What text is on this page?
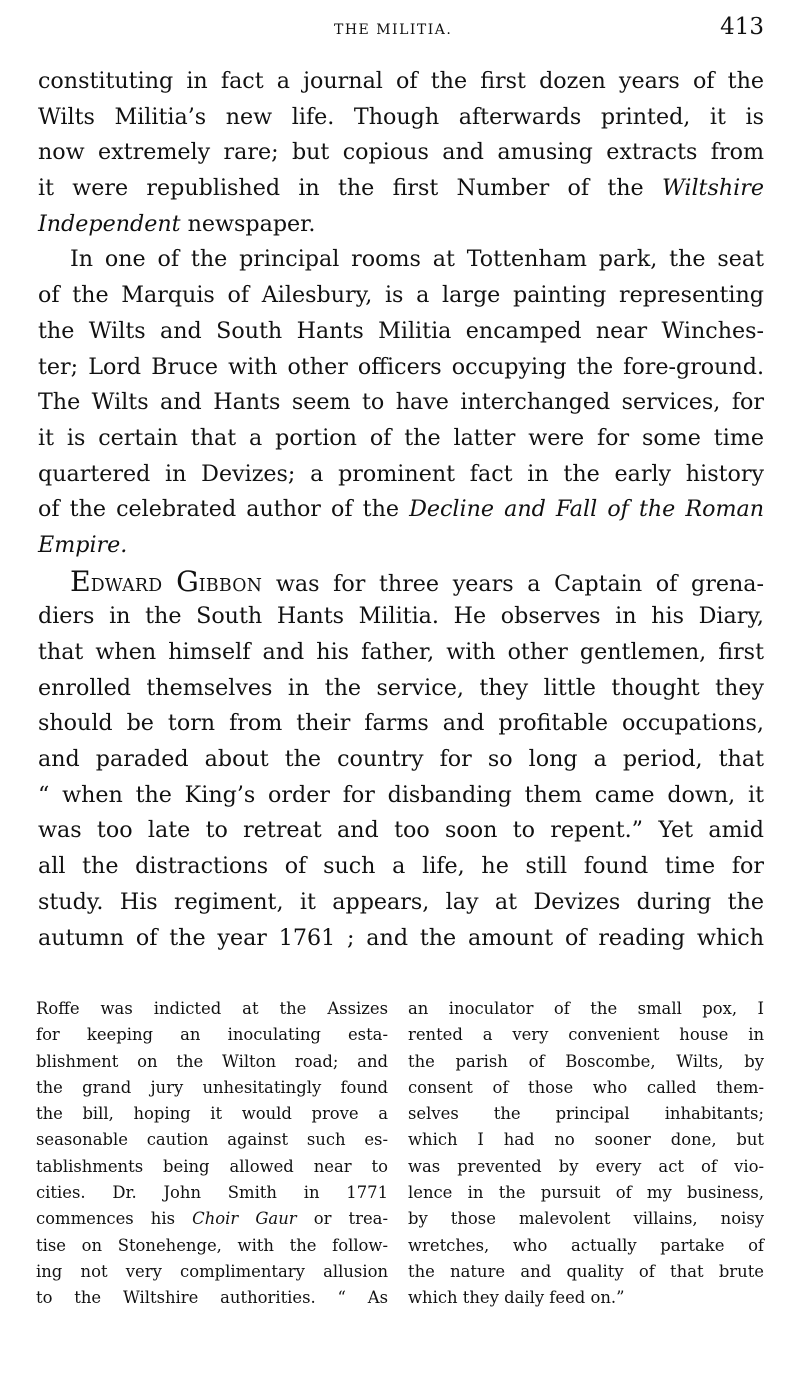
THE MILITIA.	413
constituting in fact a journal of the first dozen years of the
Wilts Militia’s new life. Though afterwards printed, it is
now extremely rare; but copious and amusing extracts from
it were republished in the first Number of the Wiltshire
Independent newspaper.
In one of the principal rooms at Tottenham park, the seat
of the Marquis of Ailesbury, is a large painting representing
the Wilts and South Hants Militia encamped near Winches-
ter; Lord Bruce with other officers occupying the fore-ground.
The Wilts and Hants seem to have interchanged services, for
it is certain that a portion of the latter were for some time
quartered in Devizes; a prominent fact in the early history
of the celebrated author of the Decline and Fall of the Roman
Empire.
EDWARD GIBBON was for three years a Captain of grena-
diers in the South Hants Militia. He observes in his Diary,
that when himself and his father, with other gentlemen, first
enrolled themselves in the service, they little thought they
should be torn from their farms and profitable occupations,
and paraded about the country for so long a period, that
“ when the King’s order for disbanding them came down, it
was too late to retreat and too soon to repent.” Yet amid
all the distractions of such a life, he still found time for
study. His regiment, it appears, lay at Devizes during the
autumn of the year 1761 ; and the amount of reading which
Roffe was indicted at the Assizes
for keeping an inoculating esta-
blishment on the Wilton road; and
the grand jury unhesitatingly found
the bill, hoping it would prove a
seasonable caution against such es-
tablishments being allowed near to
cities. Dr. John Smith in 1771
commences his Choir Gaur or trea-
tise on Stonehenge, with the follow-
ing not very complimentary allusion
to the Wiltshire authorities. “ As
an inoculator of the small pox, I
rented a very convenient house in
the parish of Boscombe, Wilts, by
consent of those who called them-
selves the principal inhabitants;
which I had no sooner done, but
was prevented by every act of vio-
lence in the pursuit of my business,
by those malevolent villains, noisy
wretches, who actually partake of
the nature and quality of that brute
which they daily feed on.”
